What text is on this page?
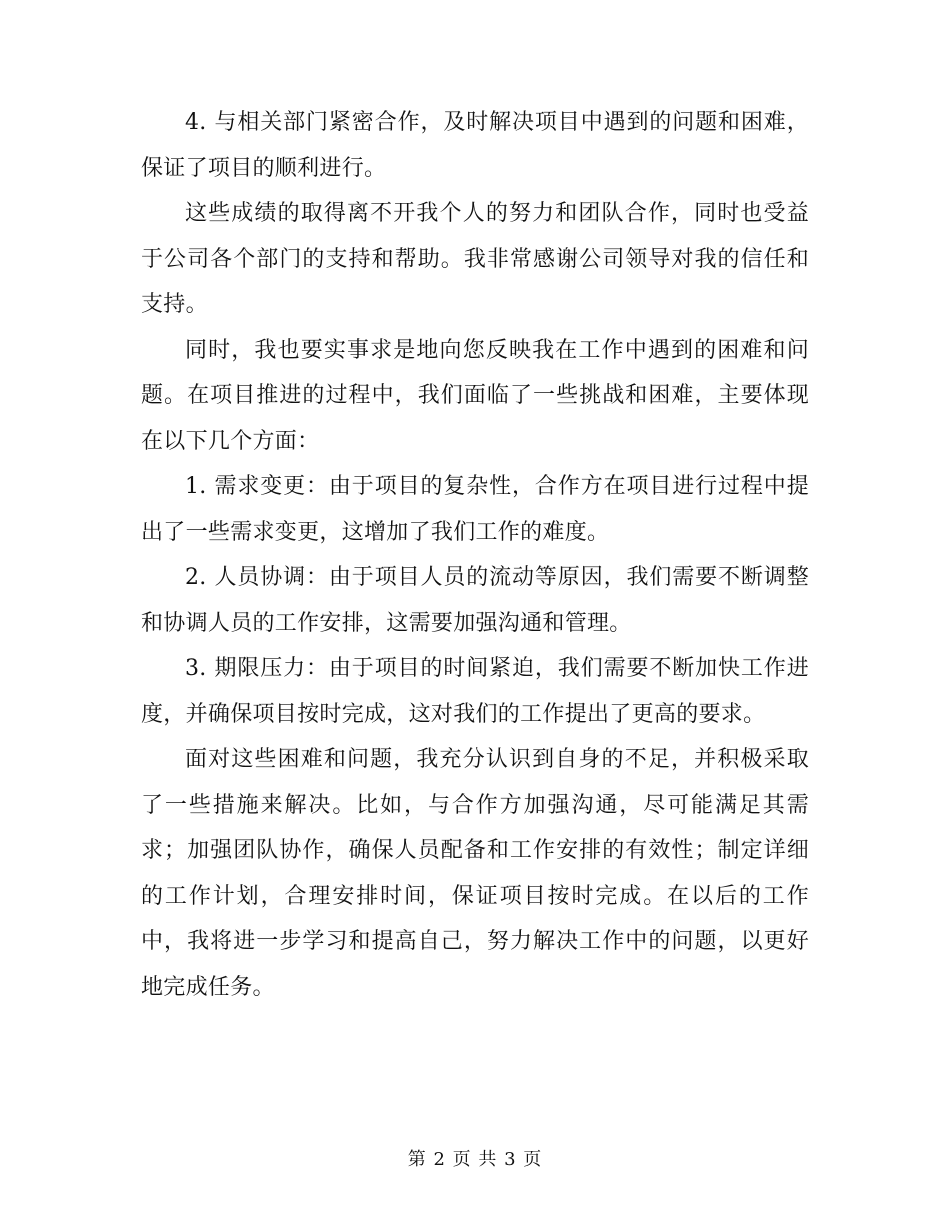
4. 与相关部门紧密合作，及时解决项目中遇到的问题和困难，保证了项目的顺利进行。

这些成绩的取得离不开我个人的努力和团队合作，同时也受益于公司各个部门的支持和帮助。我非常感谢公司领导对我的信任和支持。

同时，我也要实事求是地向您反映我在工作中遇到的困难和问题。在项目推进的过程中，我们面临了一些挑战和困难，主要体现在以下几个方面：

1. 需求变更：由于项目的复杂性，合作方在项目进行过程中提出了一些需求变更，这增加了我们工作的难度。

2. 人员协调：由于项目人员的流动等原因，我们需要不断调整和协调人员的工作安排，这需要加强沟通和管理。

3. 期限压力：由于项目的时间紧迫，我们需要不断加快工作进度，并确保项目按时完成，这对我们的工作提出了更高的要求。

面对这些困难和问题，我充分认识到自身的不足，并积极采取了一些措施来解决。比如，与合作方加强沟通，尽可能满足其需求；加强团队协作，确保人员配备和工作安排的有效性；制定详细的工作计划，合理安排时间，保证项目按时完成。在以后的工作中，我将进一步学习和提高自己，努力解决工作中的问题，以更好地完成任务。

第 2 页 共 3 页
